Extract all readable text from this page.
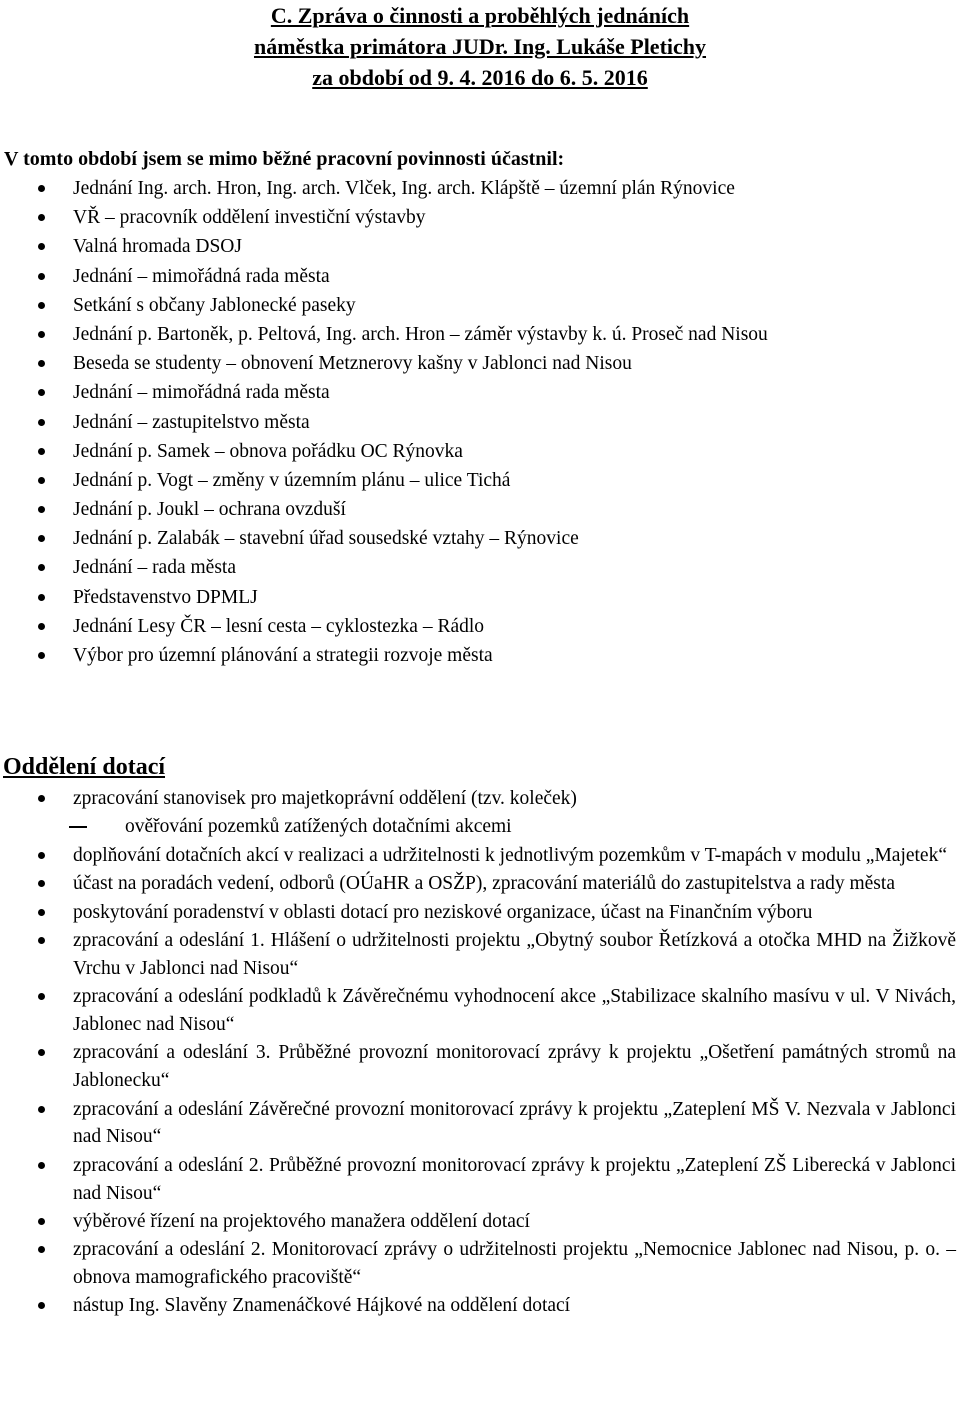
C. Zpráva o činnosti a proběhlých jednáních
náměstka primátora JUDr. Ing. Lukáše Pletichy
za období od 9. 4. 2016 do 6. 5. 2016

V tomto období jsem se mimo běžné pracovní povinnosti účastnil:

Jednání Ing. arch. Hron, Ing. arch. Vlček, Ing. arch. Klápště – územní plán Rýnovice
VŘ – pracovník oddělení investiční výstavby
Valná hromada DSOJ
Jednání – mimořádná rada města
Setkání s občany Jablonecké paseky
Jednání p. Bartoněk, p. Peltová, Ing. arch. Hron – záměr výstavby k. ú. Proseč nad Nisou
Beseda se studenty – obnovení Metznerovy kašny v Jablonci nad Nisou
Jednání – mimořádná rada města
Jednání – zastupitelstvo města
Jednání p. Samek – obnova pořádku OC Rýnovka
Jednání p. Vogt – změny v územním plánu – ulice Tichá
Jednání p. Joukl – ochrana ovzduší
Jednání p. Zalabák – stavební úřad sousedské vztahy – Rýnovice
Jednání – rada města
Představenstvo DPMLJ
Jednání Lesy ČR – lesní cesta – cyklostezka – Rádlo
Výbor pro územní plánování a strategii rozvoje města
Oddělení dotací
zpracování stanovisek pro majetkoprávní oddělení (tzv. koleček)
ověřování pozemků zatížených dotačními akcemi
doplňování dotačních akcí v realizaci a udržitelnosti k jednotlivým pozemkům v T-mapách v modulu „Majetek“
účast na poradách vedení, odborů (OÚaHR a OSŽP), zpracování materiálů do zastupitelstva a rady města
poskytování poradenství v oblasti dotací pro neziskové organizace, účast na Finančním výboru
zpracování a odeslání 1. Hlášení o udržitelnosti projektu „Obytný soubor Řetízková a otočka MHD na Žižkově Vrchu v Jablonci nad Nisou“
zpracování a odeslání podkladů k Závěrečnému vyhodnocení akce „Stabilizace skalního masívu v ul. V Nivách, Jablonec nad Nisou“
zpracování a odeslání 3. Průběžné provozní monitorovací zprávy k projektu „Ošetření památných stromů na Jablonecku“
zpracování a odeslání Závěrečné provozní monitorovací zprávy k projektu „Zateplení MŠ V. Nezvala v Jablonci nad Nisou“
zpracování a odeslání 2. Průběžné provozní monitorovací zprávy k projektu „Zateplení ZŠ Liberecká v Jablonci nad Nisou“
výběrové řízení na projektového manažera oddělení dotací
zpracování a odeslání 2. Monitorovací zprávy o udržitelnosti projektu „Nemocnice Jablonec nad Nisou, p. o. – obnova mamografického pracoviště“
nástup Ing. Slavěny Znamenáčkové Hájkové na oddělení dotací
